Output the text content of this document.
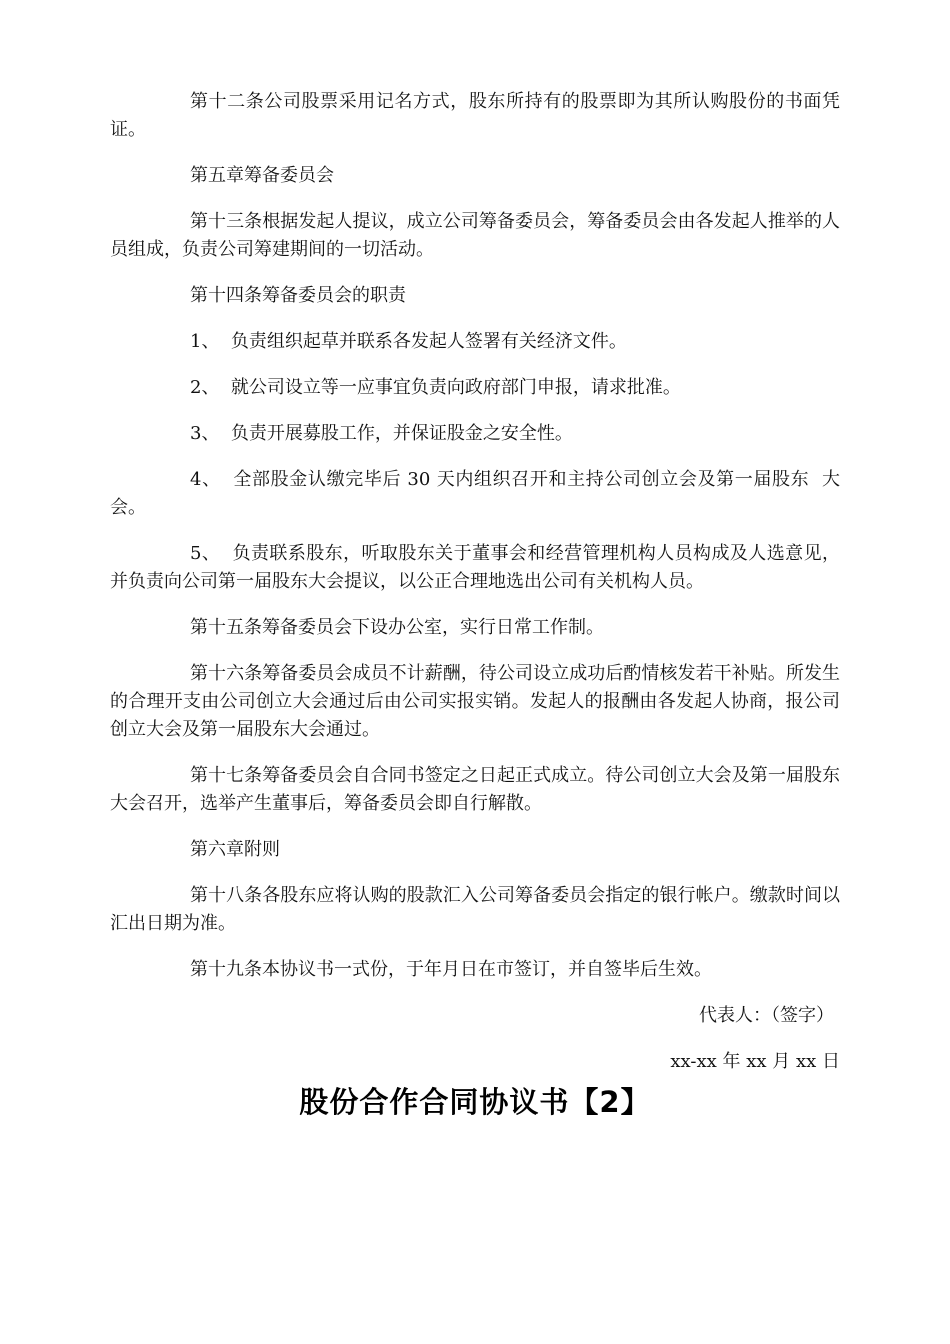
第十二条公司股票采用记名方式，股东所持有的股票即为其所认购股份的书面凭证。

第五章筹备委员会

第十三条根据发起人提议，成立公司筹备委员会，筹备委员会由各发起人推举的人员组成，负责公司筹建期间的一切活动。

第十四条筹备委员会的职责

1、  负责组织起草并联系各发起人签署有关经济文件。

2、  就公司设立等一应事宜负责向政府部门申报，请求批准。

3、  负责开展募股工作，并保证股金之安全性。

4、  全部股金认缴完毕后 30 天内组织召开和主持公司创立会及第一届股东  大会。

5、  负责联系股东，听取股东关于董事会和经营管理机构人员构成及人选意见，并负责向公司第一届股东大会提议，以公正合理地选出公司有关机构人员。

第十五条筹备委员会下设办公室，实行日常工作制。

第十六条筹备委员会成员不计薪酬，待公司设立成功后酌情核发若干补贴。所发生的合理开支由公司创立大会通过后由公司实报实销。发起人的报酬由各发起人协商，报公司创立大会及第一届股东大会通过。

第十七条筹备委员会自合同书签定之日起正式成立。待公司创立大会及第一届股东大会召开，选举产生董事后，筹备委员会即自行解散。

第六章附则

第十八条各股东应将认购的股款汇入公司筹备委员会指定的银行帐户。缴款时间以汇出日期为准。

第十九条本协议书一式份，于年月日在市签订，并自签毕后生效。

代表人：（签字）

xx-xx 年 xx 月 xx 日

股份合作合同协议书【2】
